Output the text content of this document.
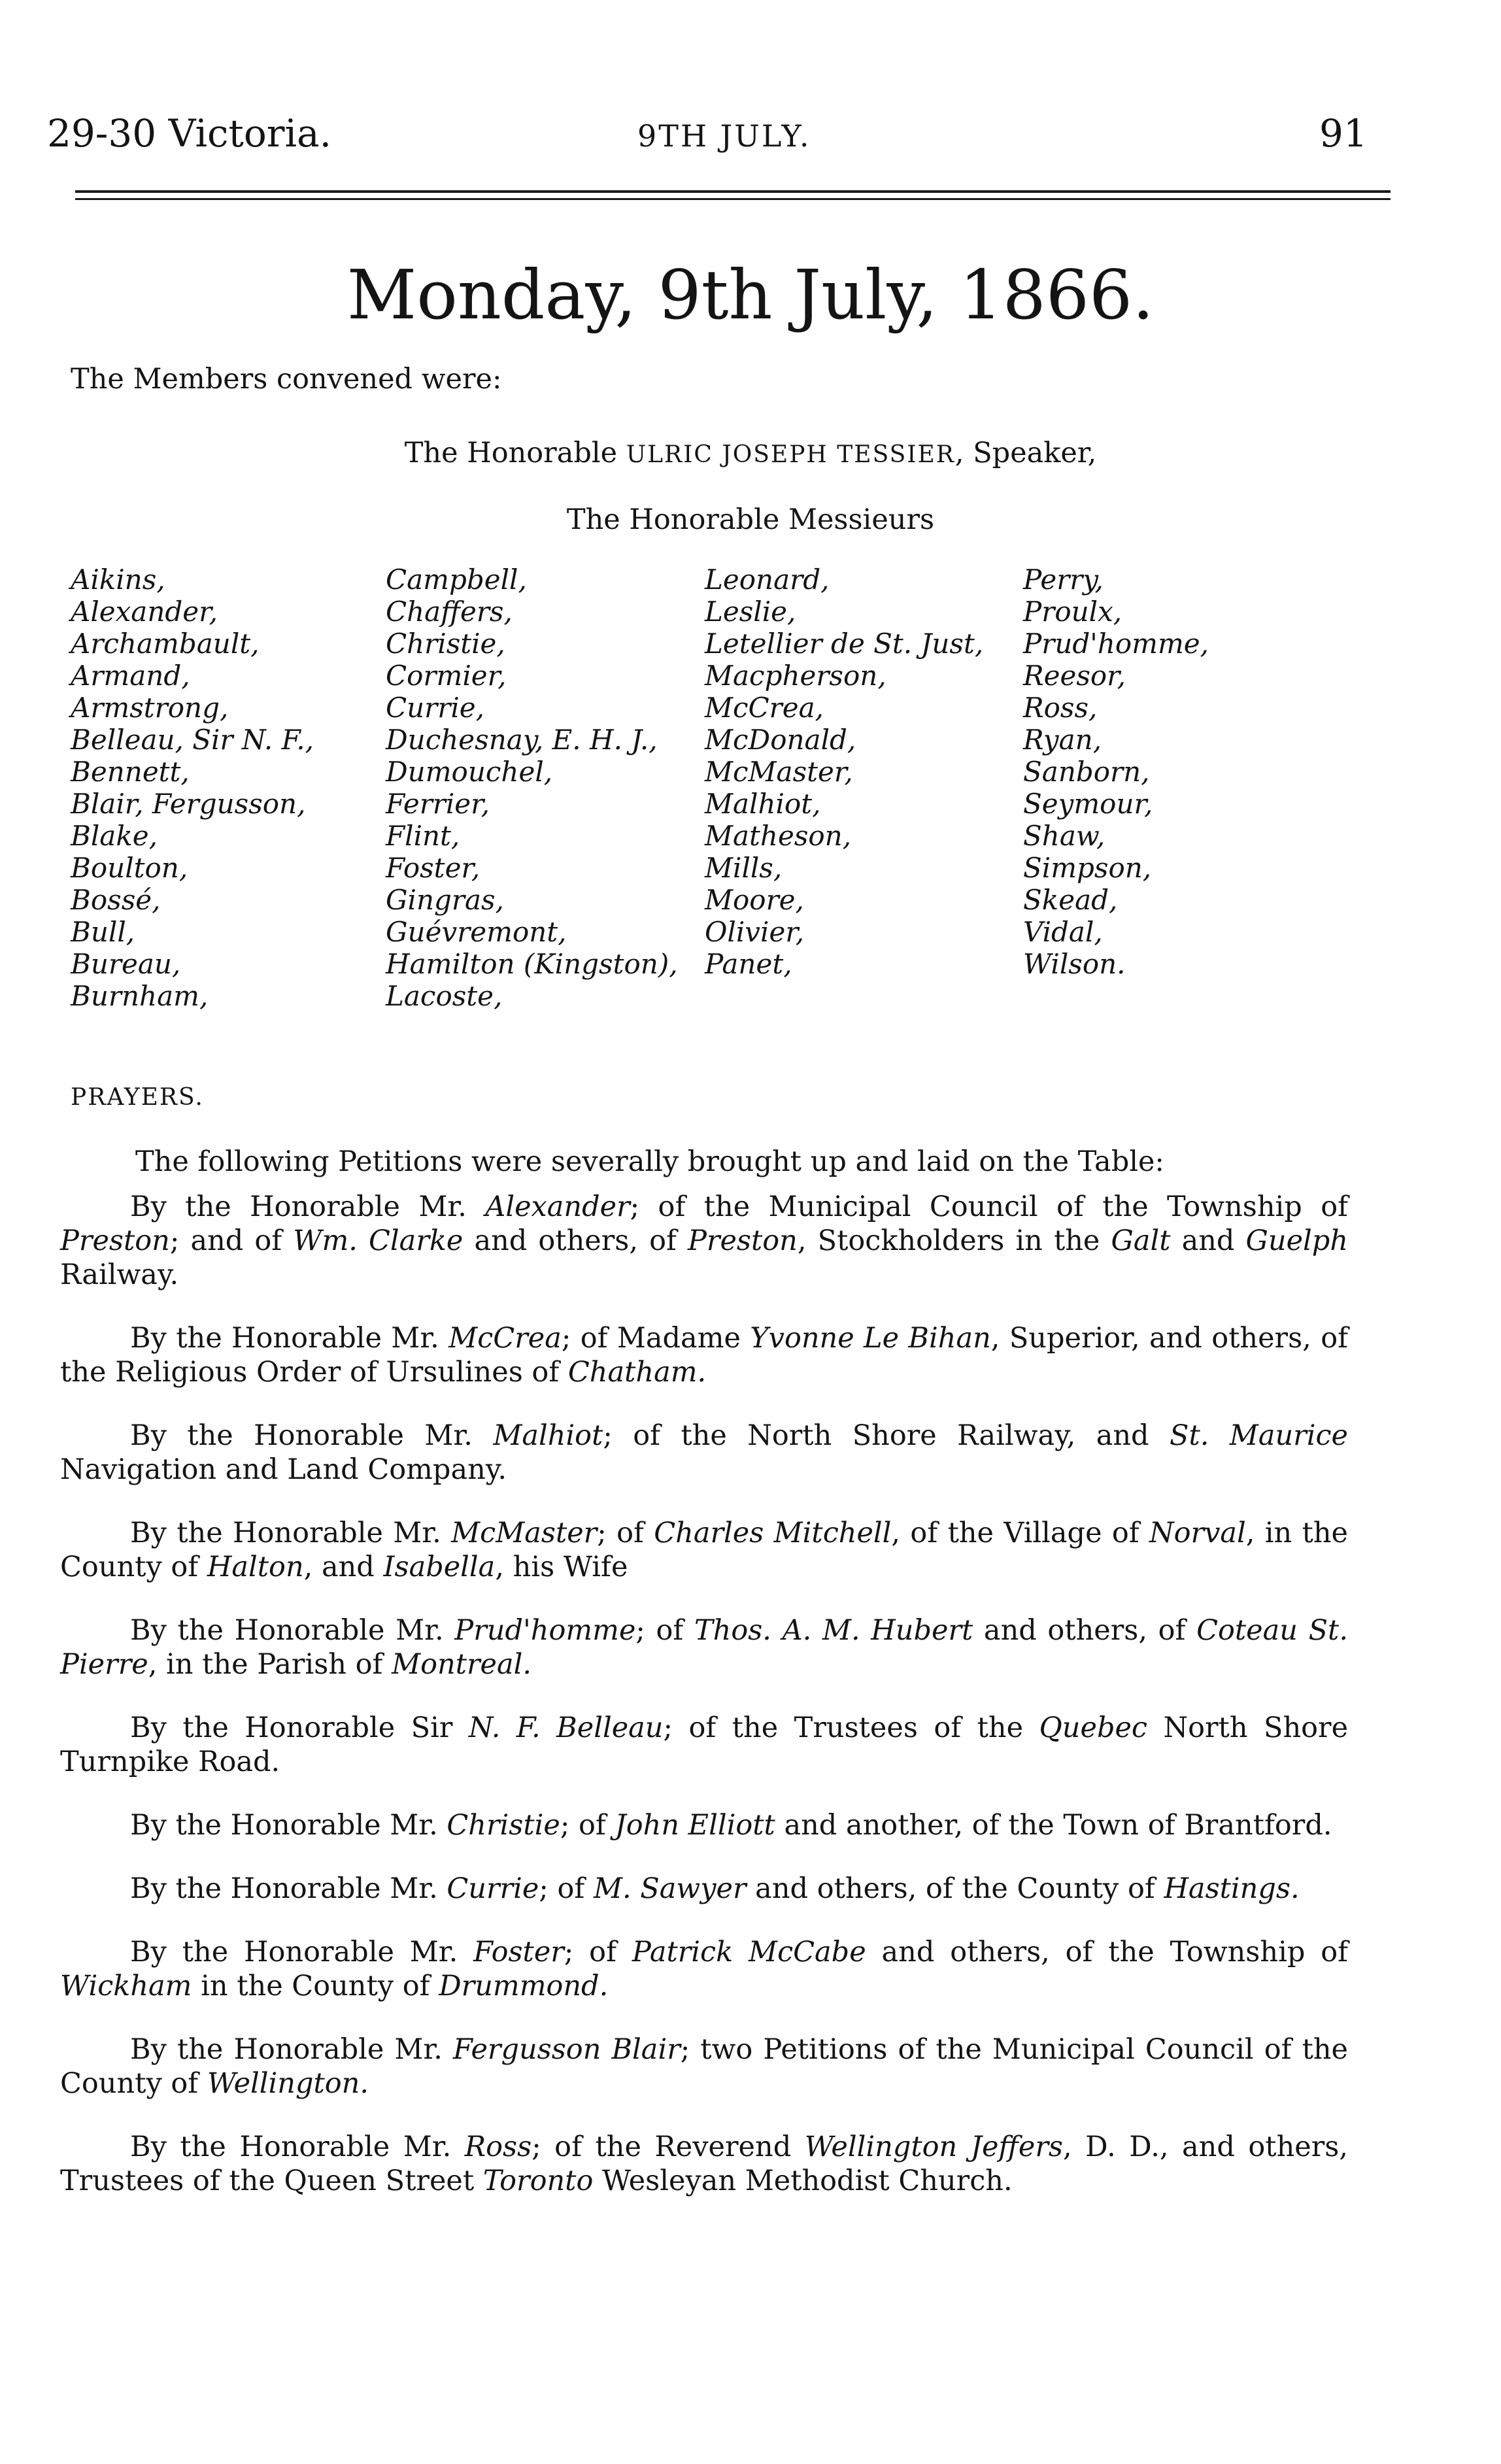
29-30 Victoria.	9TH JULY.	91
Monday, 9th July, 1866.
The Members convened were:
The Honorable ULRIC JOSEPH TESSIER, Speaker,
The Honorable Messieurs
Aikins,
Alexander,
Archambault,
Armand,
Armstrong,
Belleau, Sir N. F.,
Bennett,
Blair, Fergusson,
Blake,
Boulton,
Bossé,
Bull,
Bureau,
Burnham,
Campbell,
Chaffers,
Christie,
Cormier,
Currie,
Duchesnay, E. H. J.,
Dumouchel,
Ferrier,
Flint,
Foster,
Gingras,
Guévremont,
Hamilton (Kingston),
Lacoste,
Leonard,
Leslie,
Letellier de St. Just,
Macpherson,
McCrea,
McDonald,
McMaster,
Malhiot,
Matheson,
Mills,
Moore,
Olivier,
Panet,
Perry,
Proulx,
Prud'homme,
Reesor,
Ross,
Ryan,
Sanborn,
Seymour,
Shaw,
Simpson,
Skead,
Vidal,
Wilson.
PRAYERS.
The following Petitions were severally brought up and laid on the Table:
By the Honorable Mr. Alexander; of the Municipal Council of the Township of Preston; and of Wm. Clarke and others, of Preston, Stockholders in the Galt and Guelph Railway.
By the Honorable Mr. McCrea; of Madame Yvonne Le Bihan, Superior, and others, of the Religious Order of Ursulines of Chatham.
By the Honorable Mr. Malhiot; of the North Shore Railway, and St. Maurice Navigation and Land Company.
By the Honorable Mr. McMaster; of Charles Mitchell, of the Village of Norval, in the County of Halton, and Isabella, his Wife
By the Honorable Mr. Prud'homme; of Thos. A. M. Hubert and others, of Coteau St. Pierre, in the Parish of Montreal.
By the Honorable Sir N. F. Belleau; of the Trustees of the Quebec North Shore Turnpike Road.
By the Honorable Mr. Christie; of John Elliott and another, of the Town of Brantford.
By the Honorable Mr. Currie; of M. Sawyer and others, of the County of Hastings.
By the Honorable Mr. Foster; of Patrick McCabe and others, of the Township of Wickham in the County of Drummond.
By the Honorable Mr. Fergusson Blair; two Petitions of the Municipal Council of the County of Wellington.
By the Honorable Mr. Ross; of the Reverend Wellington Jeffers, D. D., and others, Trustees of the Queen Street Toronto Wesleyan Methodist Church.
